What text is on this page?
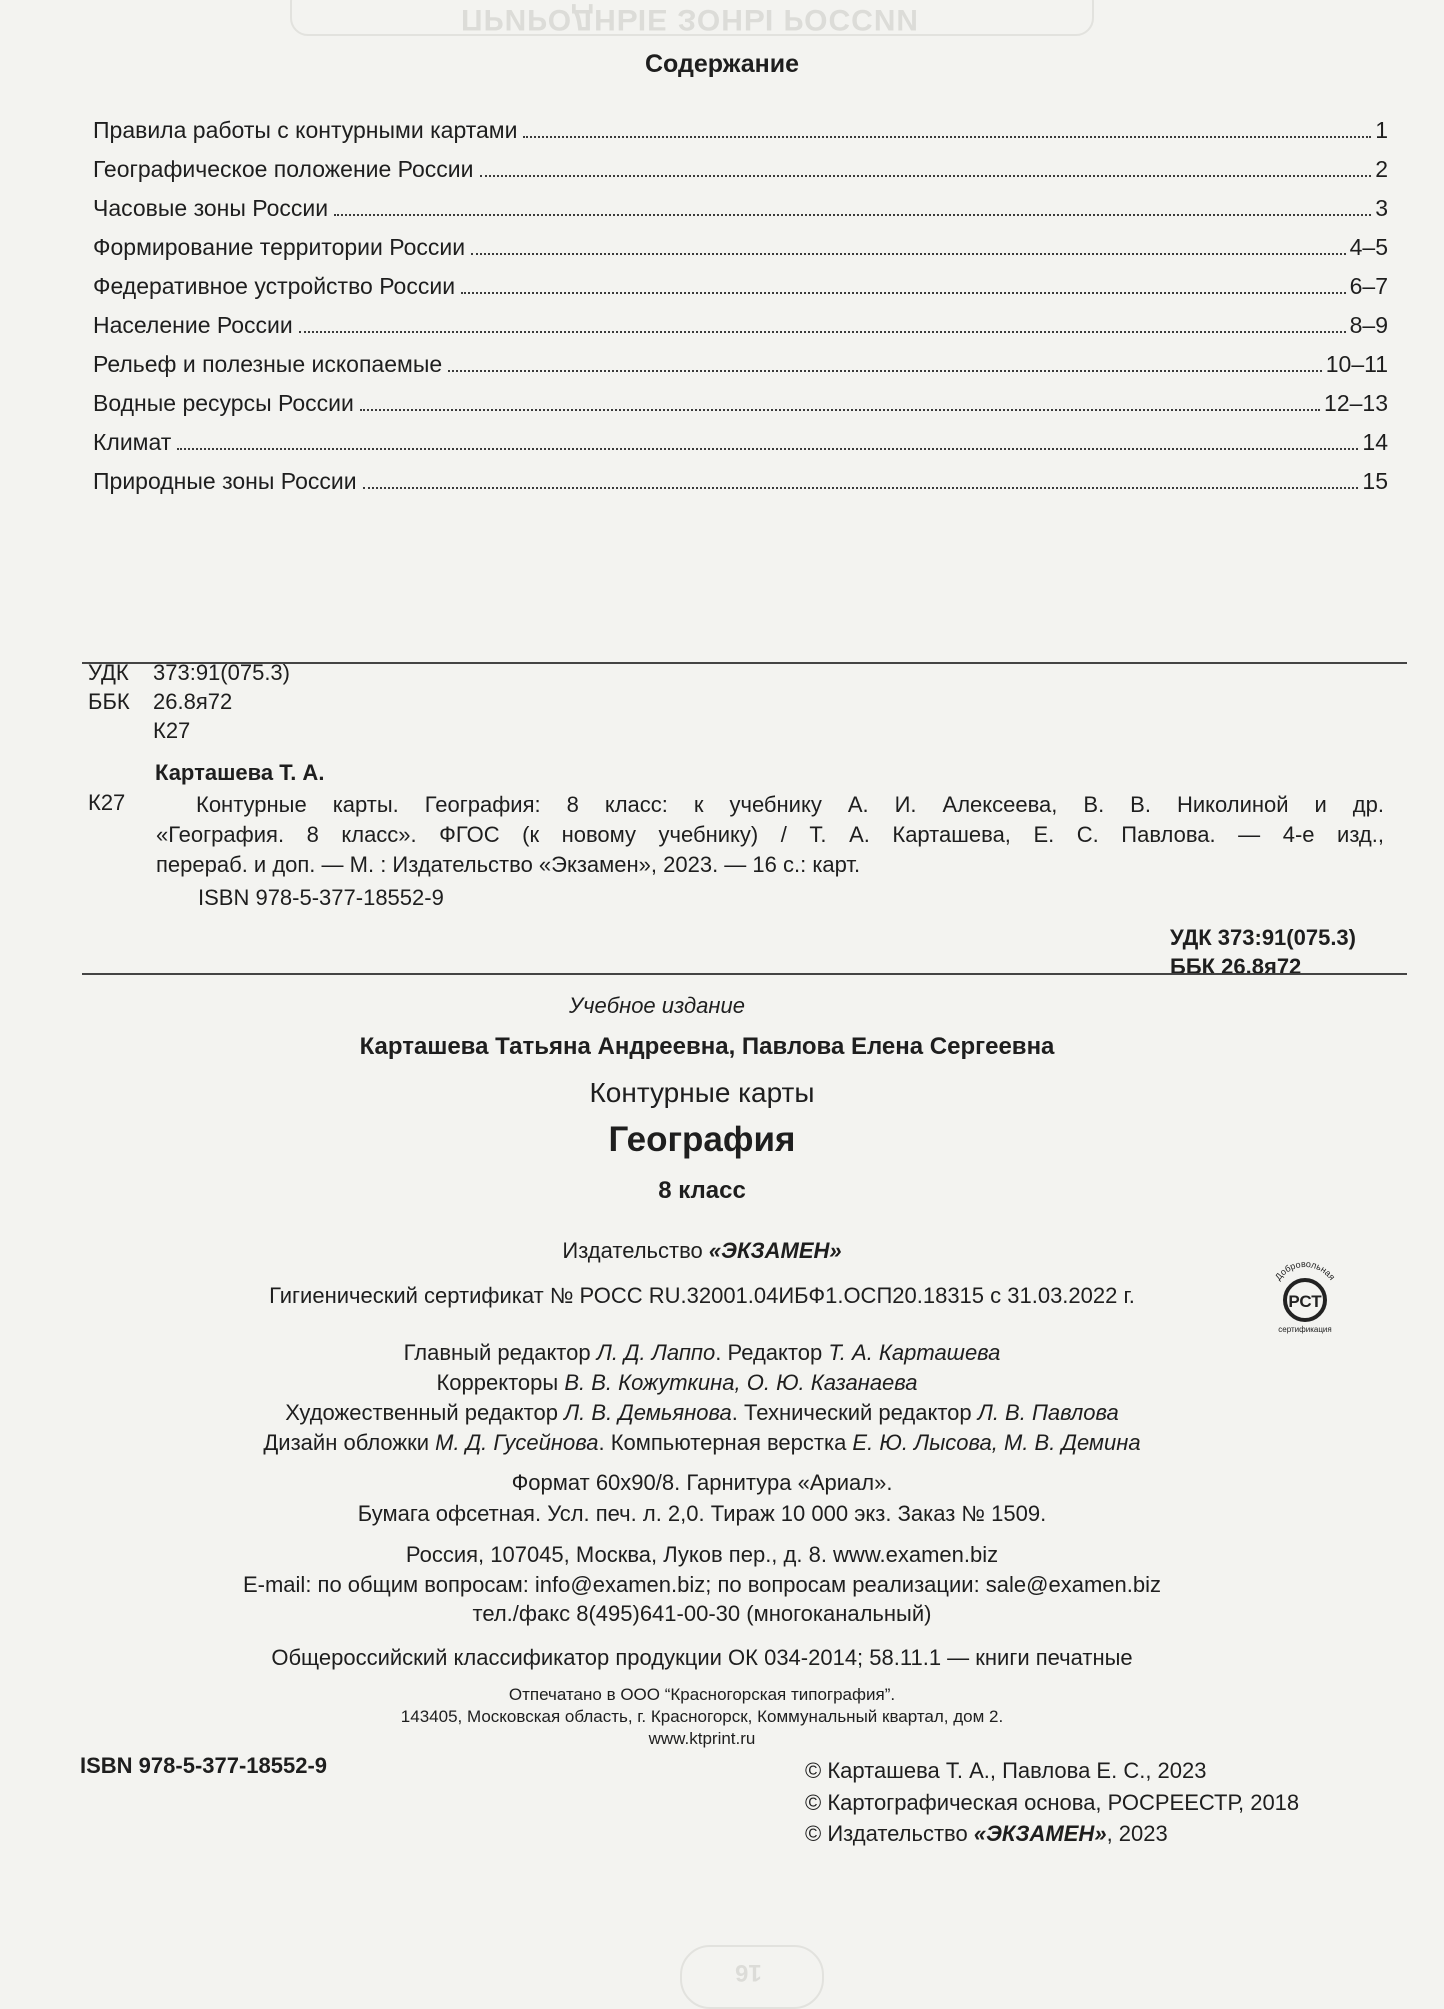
ПРИРОДНЫЕ ЗОНЫ РОССИИ
16
Содержание
Правила работы с контурными картами	1
Географическое положение России	2
Часовые зоны России	3
Формирование территории России	4–5
Федеративное устройство России	6–7
Население России	8–9
Рельеф и полезные ископаемые	10–11
Водные ресурсы России	12–13
Климат	14
Природные зоны России	15
УДК 373:91(075.3)
ББК 26.8я72
К27
Карташева Т. А.
К27	Контурные карты. География: 8 класс: к учебнику А. И. Алексеева, В. В. Николиной и др.
«География. 8 класс». ФГОС (к новому учебнику) / Т. А. Карташева, Е. С. Павлова. — 4-е изд.,
перераб. и доп. — М. : Издательство «Экзамен», 2023. — 16 с.: карт.
ISBN 978-5-377-18552-9
УДК 373:91(075.3)
ББК 26.8я72
Учебное издание
Карташева Татьяна Андреевна, Павлова Елена Сергеевна
Контурные карты
География
8 класс
Издательство «ЭКЗАМЕН»
Гигиенический сертификат № РОСС RU.32001.04ИБФ1.ОСП20.18315 с 31.03.2022 г.
Добровольная
РСТ
сертификация
Главный редактор Л. Д. Лаппо. Редактор Т. А. Карташева
Корректоры В. В. Кожуткина, О. Ю. Казанаева
Художественный редактор Л. В. Демьянова. Технический редактор Л. В. Павлова
Дизайн обложки М. Д. Гусейнова. Компьютерная верстка Е. Ю. Лысова, М. В. Демина
Формат 60х90/8. Гарнитура «Ариал».
Бумага офсетная. Усл. печ. л. 2,0. Тираж 10 000 экз. Заказ № 1509.
Россия, 107045, Москва, Луков пер., д. 8. www.examen.biz
E-mail: по общим вопросам: info@examen.biz; по вопросам реализации: sale@examen.biz
тел./факс 8(495)641-00-30 (многоканальный)
Общероссийский классификатор продукции ОК 034-2014; 58.11.1 — книги печатные
Отпечатано в ООО “Красногорская типография”.
143405, Московская область, г. Красногорск, Коммунальный квартал, дом 2.
www.ktprint.ru
ISBN 978-5-377-18552-9	© Карташева Т. А., Павлова Е. С., 2023
© Картографическая основа, РОСРЕЕСТР, 2018
© Издательство «ЭКЗАМЕН», 2023
